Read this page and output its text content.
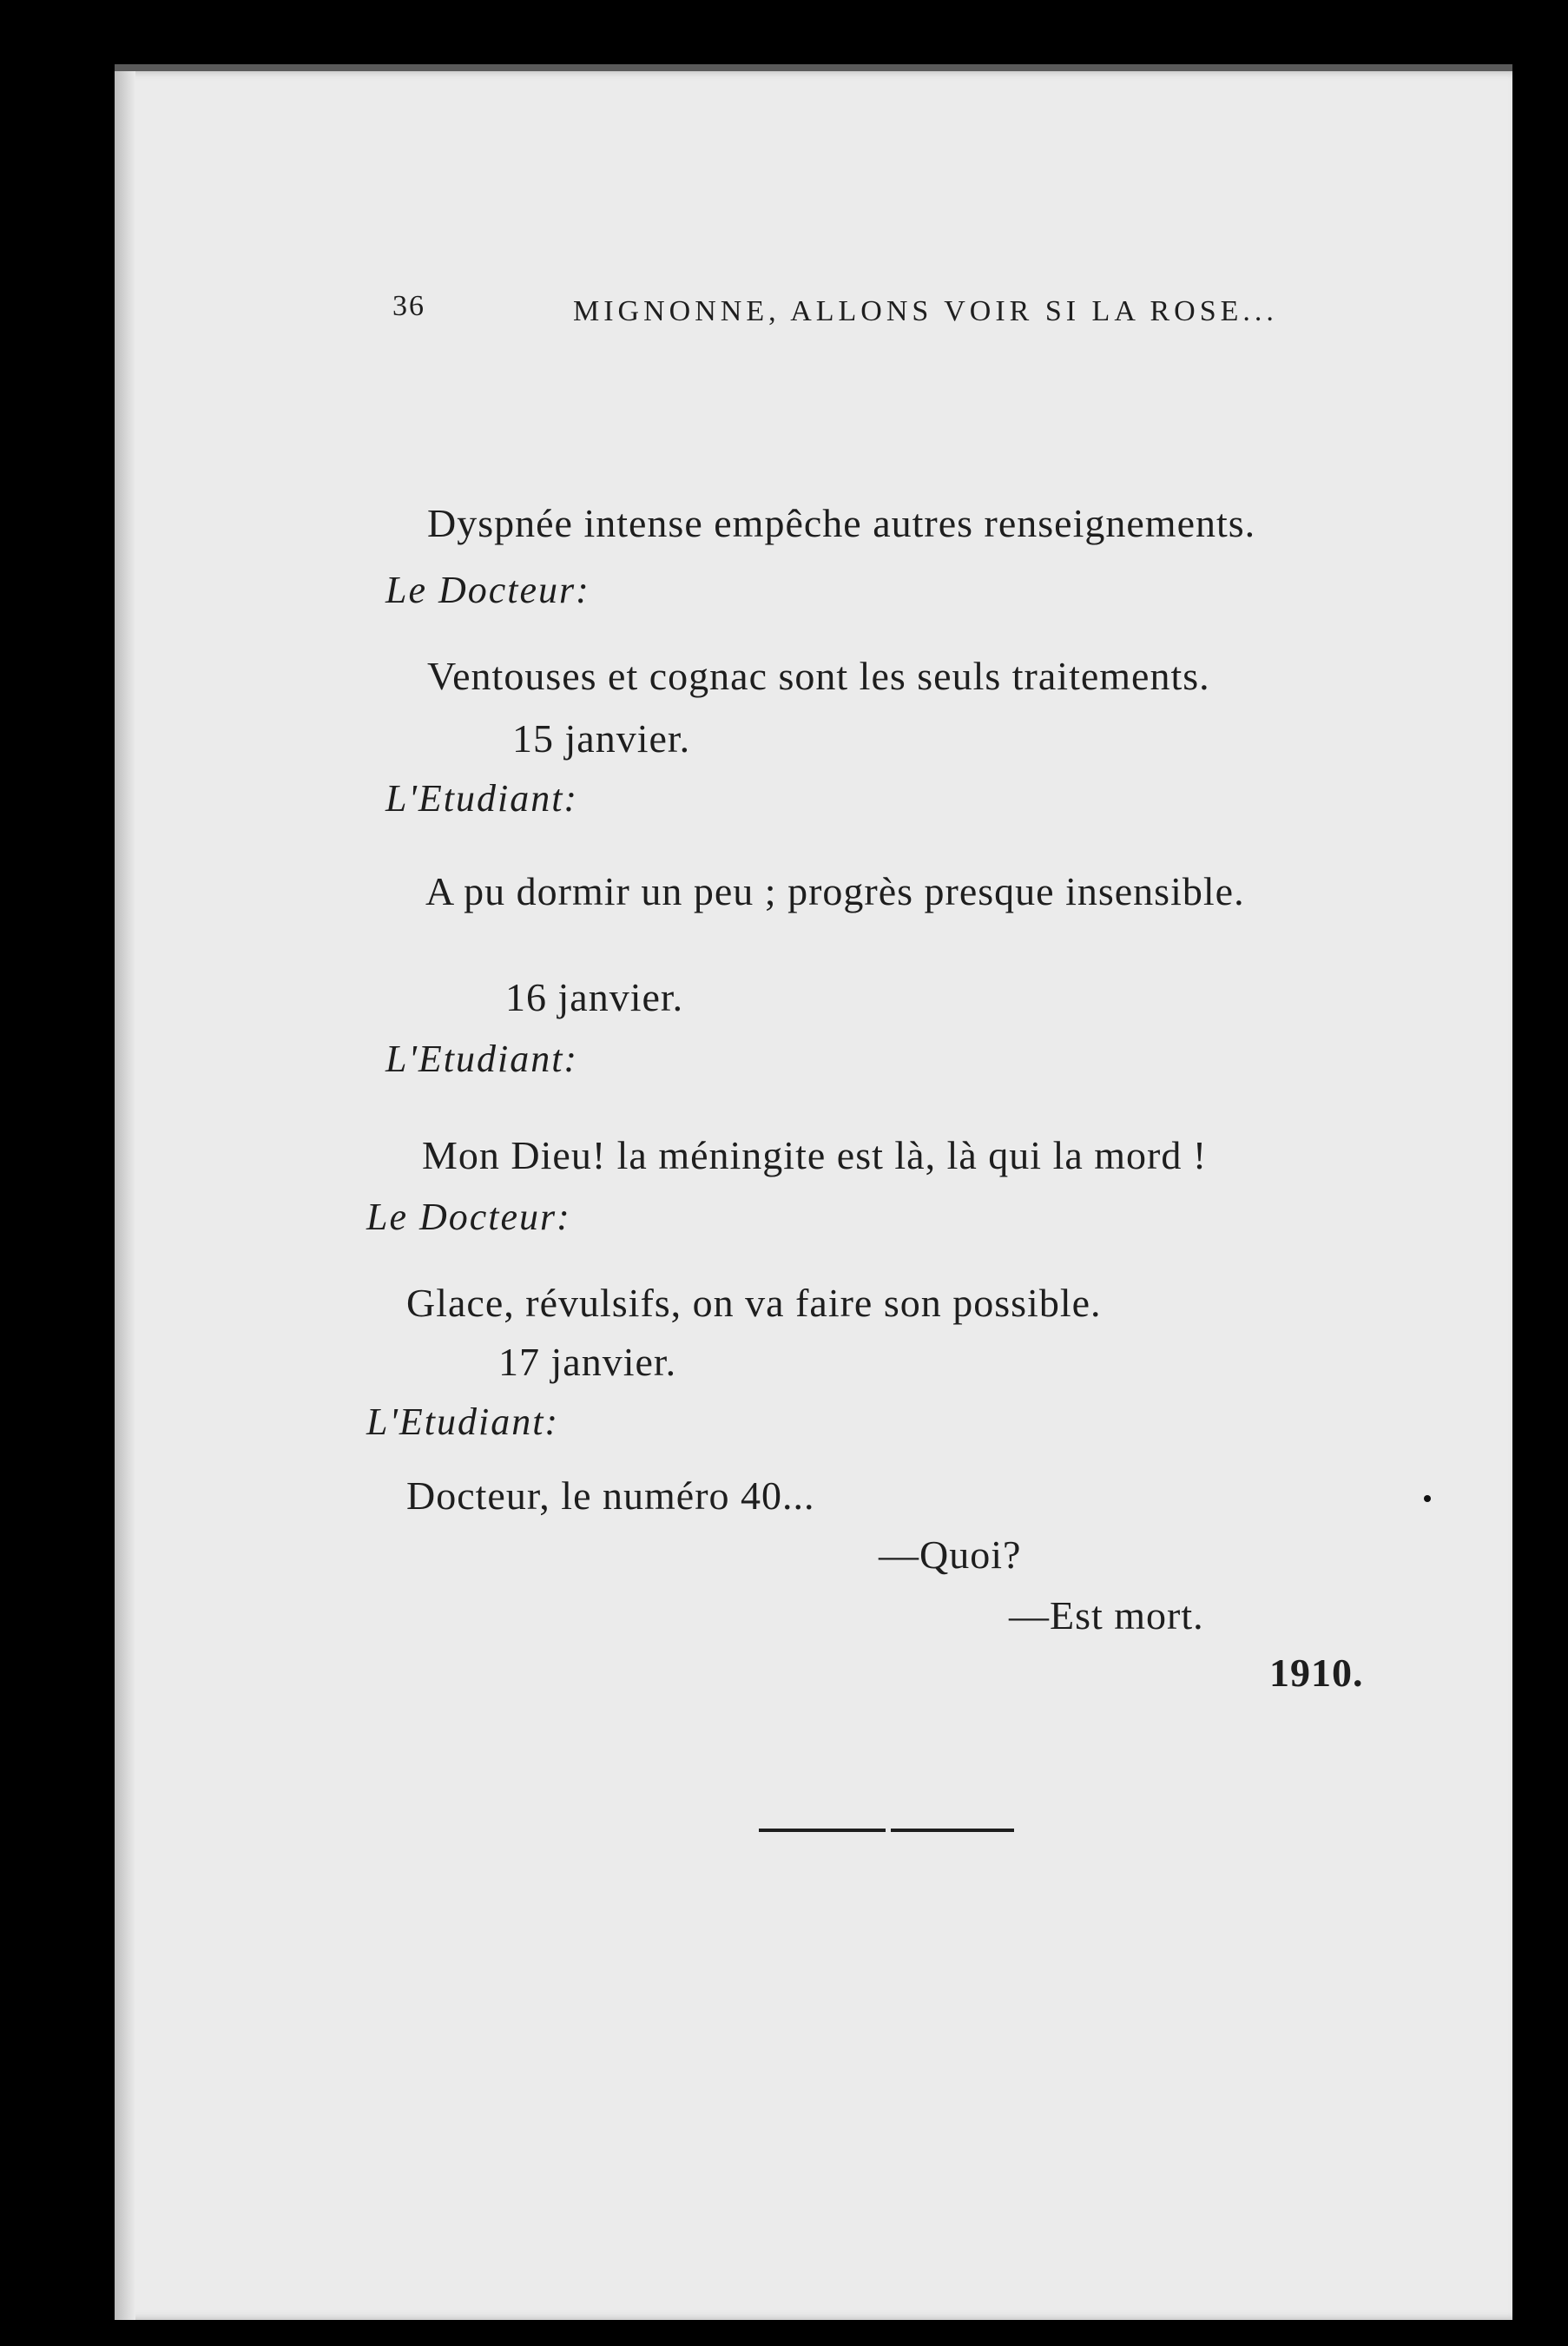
36	MIGNONNE, ALLONS VOIR SI LA ROSE...
Dyspnée intense empêche autres renseignements.
Le Docteur:
Ventouses et cognac sont les seuls traitements.
15 janvier.
L'Etudiant:
A pu dormir un peu ; progrès presque insensible.
16 janvier.
L'Etudiant:
Mon Dieu! la méningite est là, là qui la mord !
Le Docteur:
Glace, révulsifs, on va faire son possible.
17 janvier.
L'Etudiant:
Docteur, le numéro 40...
—Quoi?
—Est mort.
1910.
